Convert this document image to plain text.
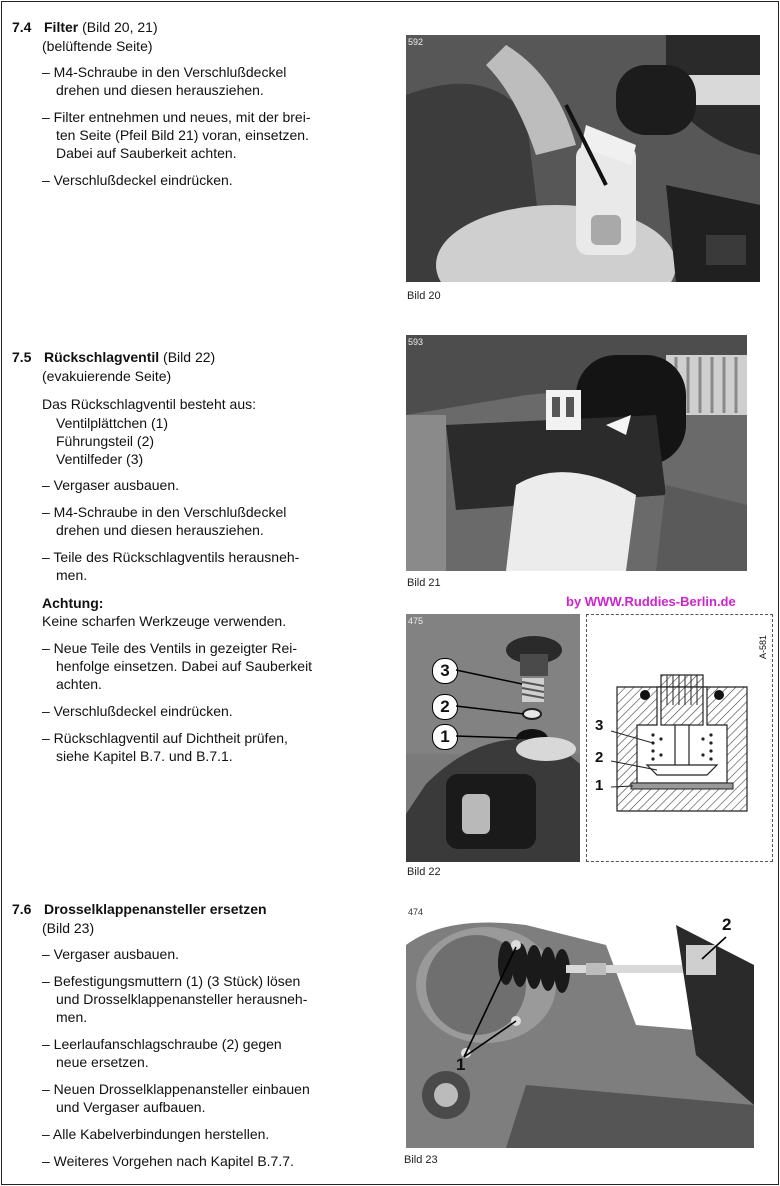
7.4 Filter (Bild 20, 21)
(belüftende Seite)
– M4-Schraube in den Verschlußdeckel
drehen und diesen herausziehen.
– Filter entnehmen und neues, mit der brei-
ten Seite (Pfeil Bild 21) voran, einsetzen.
Dabei auf Sauberkeit achten.
– Verschlußdeckel eindrücken.
592
Bild 20
7.5 Rückschlagventil (Bild 22)
(evakuierende Seite)
Das Rückschlagventil besteht aus:
Ventilplättchen (1)
Führungsteil (2)
Ventilfeder (3)
– Vergaser ausbauen.
– M4-Schraube in den Verschlußdeckel
drehen und diesen herausziehen.
– Teile des Rückschlagventils herausneh-
men.
Achtung:
Keine scharfen Werkzeuge verwenden.
– Neue Teile des Ventils in gezeigter Rei-
henfolge einsetzen. Dabei auf Sauberkeit
achten.
– Verschlußdeckel eindrücken.
– Rückschlagventil auf Dichtheit prüfen,
siehe Kapitel B.7. und B.7.1.
593
Bild 21
by WWW.Ruddies-Berlin.de
475
3
2
1
A-581
3
2
1
Bild 22
7.6 Drosselklappenansteller ersetzen
(Bild 23)
– Vergaser ausbauen.
– Befestigungsmuttern (1) (3 Stück) lösen
und Drosselklappenansteller herausneh-
men.
– Leerlaufanschlagschraube (2) gegen
neue ersetzen.
– Neuen Drosselklappenansteller einbauen
und Vergaser aufbauen.
– Alle Kabelverbindungen herstellen.
– Weiteres Vorgehen nach Kapitel B.7.7.
474
2
1
Bild 23
